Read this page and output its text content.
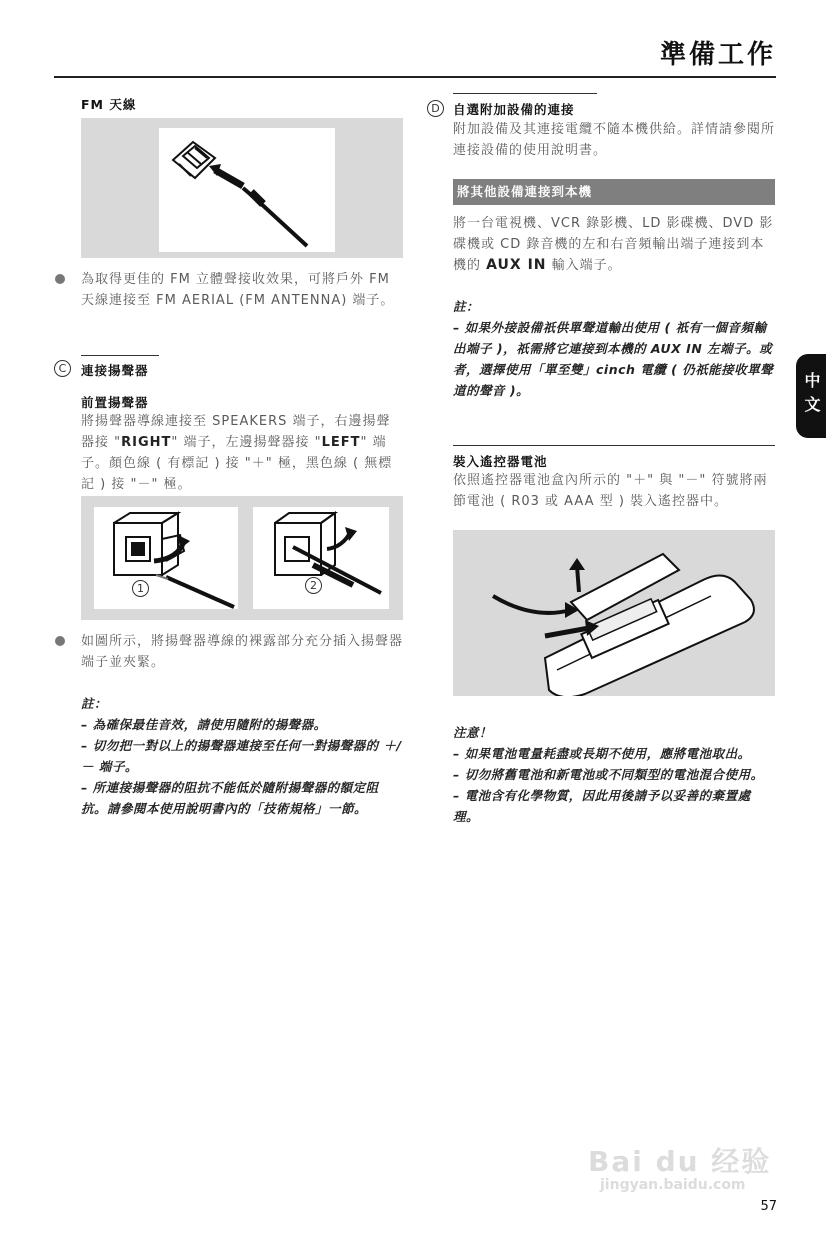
準備工作
FM 天線
為取得更佳的 FM 立體聲接收效果，可將戶外 FM 天線連接至 FM AERIAL (FM ANTENNA) 端子。
C	連接揚聲器
前置揚聲器
將揚聲器導線連接至 SPEAKERS 端子，右邊揚聲器接 "RIGHT" 端子，左邊揚聲器接 "LEFT" 端子。顏色線 ( 有標記 ) 接 "＋" 極，黑色線 ( 無標記 ) 接 "－" 極。
1	2
如圖所示，將揚聲器導線的裸露部分充分插入揚聲器端子並夾緊。
註：

– 為確保最佳音效，請使用隨附的揚聲器。

– 切勿把一對以上的揚聲器連接至任何一對揚聲器的 ＋/－ 端子。

– 所連接揚聲器的阻抗不能低於隨附揚聲器的額定阻抗。請參閱本使用說明書內的「技術規格」一節。

D	自選附加設備的連接
附加設備及其連接電纜不隨本機供給。詳情請參閱所連接設備的使用說明書。
將其他設備連接到本機
將一台電視機、VCR 錄影機、LD 影碟機、DVD 影碟機或 CD 錄音機的左和右音頻輸出端子連接到本機的 AUX IN 輸入端子。
註：
– 如果外接設備祇供單聲道輸出使用 ( 祇有一個音頻輸出端子 )，祇需將它連接到本機的 AUX IN 左端子。或者，選擇使用「單至雙」cinch 電纜 ( 仍祇能接收單聲道的聲音 )。
裝入遙控器電池
依照遙控器電池盒內所示的 "＋" 與 "－" 符號將兩節電池 ( R03 或 AAA 型 ) 裝入遙控器中。
注意！

– 如果電池電量耗盡或長期不使用，應將電池取出。

– 切勿將舊電池和新電池或不同類型的電池混合使用。

– 電池含有化學物質，因此用後請予以妥善的棄置處理。

中文
Bai du 经验
jingyan.baidu.com
57
